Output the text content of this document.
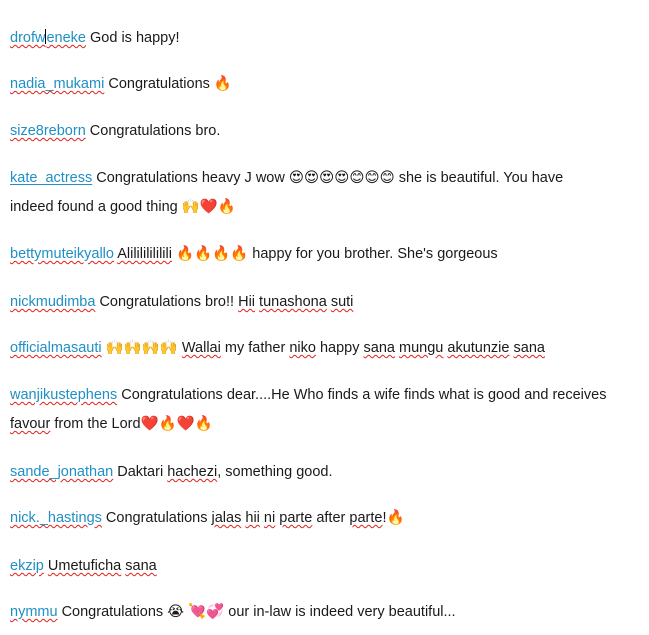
drofweneke God is happy!
nadia_mukami Congratulations 🔥
size8reborn Congratulations bro.
kate_actress Congratulations heavy J wow 😍😍😍😍😊😊😊 she is beautiful. You have indeed found a good thing 🙌❤️🔥
bettymuteikyallo Alilililililili 🔥🔥🔥🔥 happy for you brother. She's gorgeous
nickmudimba Congratulations bro!! Hii tunashona suti
officialmasauti 🙌🙌🙌🙌 Wallai my father niko happy sana mungu akutunzie sana
wanjikustephens Congratulations dear....He Who finds a wife finds what is good and receives favour from the Lord❤️🔥❤️🔥
sande_jonathan Daktari hachezi, something good.
nick._hastings Congratulations jalas hii ni parte after parte!🔥
ekzip Umetuficha sana
nymmu Congratulations 😭 💘💞 our in-law is indeed very beautiful...
